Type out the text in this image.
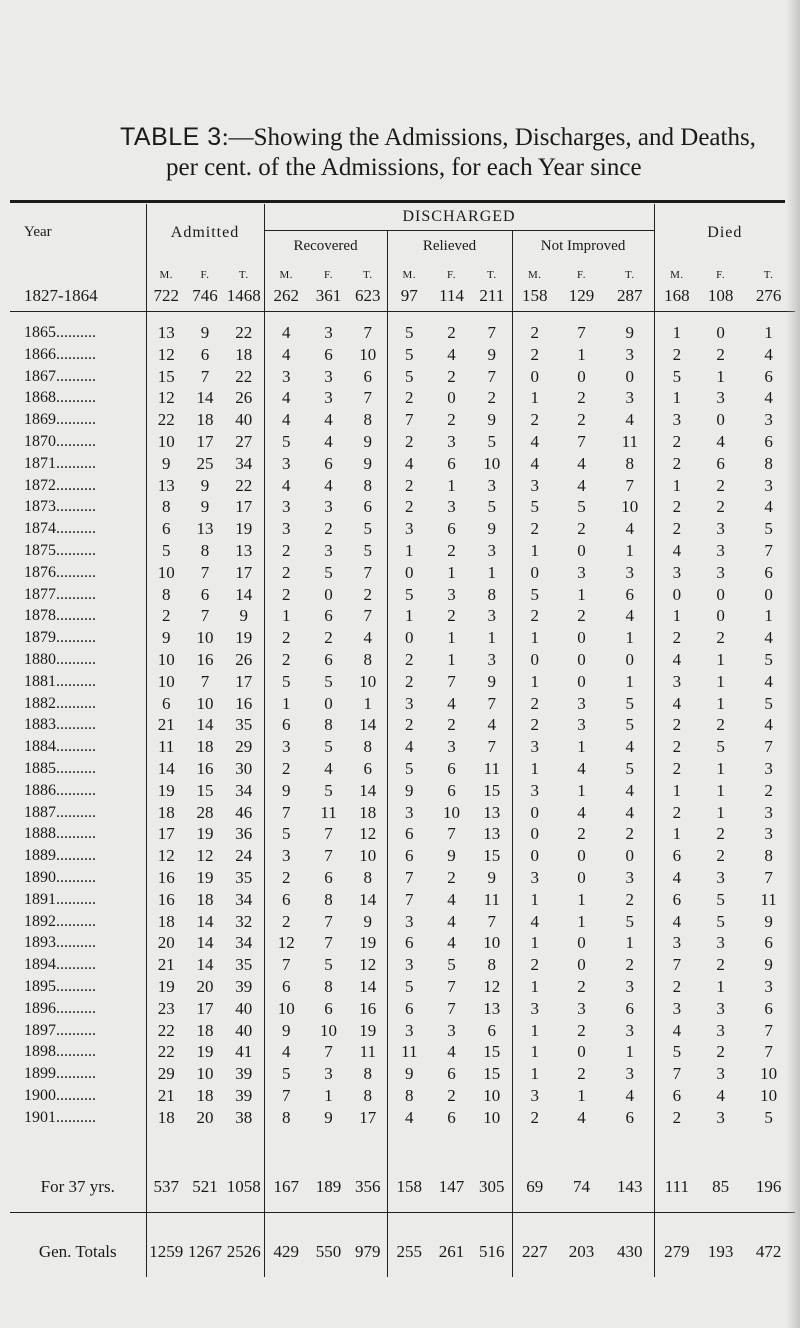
TABLE 3:—Showing the Admissions, Discharges, and Deaths,
per cent. of the Admissions, for each Year since
Year	Admitted			DISCHARGED									Died		
				Recovered			Relieved			Not Improved					
	M.	F.	T.	M.	F.	T.	M.	F.	T.	M.	F.	T.	M.	F.	T.
1827-1864	722	746	1468	262	361	623	97	114	211	158	129	287	168	108	276

1865..........	13	9	22	4	3	7	5	2	7	2	7	9	1	0	1
1866..........	12	6	18	4	6	10	5	4	9	2	1	3	2	2	4
1867..........	15	7	22	3	3	6	5	2	7	0	0	0	5	1	6
1868..........	12	14	26	4	3	7	2	0	2	1	2	3	1	3	4
1869..........	22	18	40	4	4	8	7	2	9	2	2	4	3	0	3
1870..........	10	17	27	5	4	9	2	3	5	4	7	11	2	4	6
1871..........	9	25	34	3	6	9	4	6	10	4	4	8	2	6	8
1872..........	13	9	22	4	4	8	2	1	3	3	4	7	1	2	3
1873..........	8	9	17	3	3	6	2	3	5	5	5	10	2	2	4
1874..........	6	13	19	3	2	5	3	6	9	2	2	4	2	3	5
1875..........	5	8	13	2	3	5	1	2	3	1	0	1	4	3	7
1876..........	10	7	17	2	5	7	0	1	1	0	3	3	3	3	6
1877..........	8	6	14	2	0	2	5	3	8	5	1	6	0	0	0
1878..........	2	7	9	1	6	7	1	2	3	2	2	4	1	0	1
1879..........	9	10	19	2	2	4	0	1	1	1	0	1	2	2	4
1880..........	10	16	26	2	6	8	2	1	3	0	0	0	4	1	5
1881..........	10	7	17	5	5	10	2	7	9	1	0	1	3	1	4
1882..........	6	10	16	1	0	1	3	4	7	2	3	5	4	1	5
1883..........	21	14	35	6	8	14	2	2	4	2	3	5	2	2	4
1884..........	11	18	29	3	5	8	4	3	7	3	1	4	2	5	7
1885..........	14	16	30	2	4	6	5	6	11	1	4	5	2	1	3
1886..........	19	15	34	9	5	14	9	6	15	3	1	4	1	1	2
1887..........	18	28	46	7	11	18	3	10	13	0	4	4	2	1	3
1888..........	17	19	36	5	7	12	6	7	13	0	2	2	1	2	3
1889..........	12	12	24	3	7	10	6	9	15	0	0	0	6	2	8
1890..........	16	19	35	2	6	8	7	2	9	3	0	3	4	3	7
1891..........	16	18	34	6	8	14	7	4	11	1	1	2	6	5	11
1892..........	18	14	32	2	7	9	3	4	7	4	1	5	4	5	9
1893..........	20	14	34	12	7	19	6	4	10	1	0	1	3	3	6
1894..........	21	14	35	7	5	12	3	5	8	2	0	2	7	2	9
1895..........	19	20	39	6	8	14	5	7	12	1	2	3	2	1	3
1896..........	23	17	40	10	6	16	6	7	13	3	3	6	3	3	6
1897..........	22	18	40	9	10	19	3	3	6	1	2	3	4	3	7
1898..........	22	19	41	4	7	11	11	4	15	1	0	1	5	2	7
1899..........	29	10	39	5	3	8	9	6	15	1	2	3	7	3	10
1900..........	21	18	39	7	1	8	8	2	10	3	1	4	6	4	10
1901..........	18	20	38	8	9	17	4	6	10	2	4	6	2	3	5

For 37 yrs.	537	521	1058	167	189	356	158	147	305	69	74	143	111	85	196

Gen. Totals	1259	1267	2526	429	550	979	255	261	516	227	203	430	279	193	472
